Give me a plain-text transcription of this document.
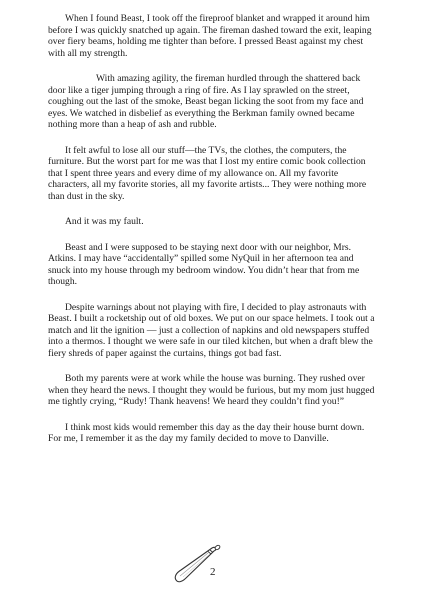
When I found Beast, I took off the fireproof blanket and wrapped it around him before I was quickly snatched up again. The fireman dashed toward the exit, leaping over fiery beams, holding me tighter than before. I pressed Beast against my chest with all my strength.

With amazing agility, the fireman hurdled through the shattered back door like a tiger jumping through a ring of fire. As I lay sprawled on the street, coughing out the last of the smoke, Beast began licking the soot from my face and eyes. We watched in disbelief as everything the Berkman family owned became nothing more than a heap of ash and rubble.

It felt awful to lose all our stuff—the TVs, the clothes, the computers, the furniture. But the worst part for me was that I lost my entire comic book collection that I spent three years and every dime of my allowance on. All my favorite characters, all my favorite stories, all my favorite artists... They were nothing more than dust in the sky.

And it was my fault.

Beast and I were supposed to be staying next door with our neighbor, Mrs. Atkins. I may have “accidentally” spilled some NyQuil in her afternoon tea and snuck into my house through my bedroom window. You didn’t hear that from me though.

Despite warnings about not playing with fire, I decided to play astronauts with Beast. I built a rocketship out of old boxes. We put on our space helmets. I took out a match and lit the ignition — just a collection of napkins and old newspapers stuffed into a thermos. I thought we were safe in our tiled kitchen, but when a draft blew the fiery shreds of paper against the curtains, things got bad fast.

Both my parents were at work while the house was burning. They rushed over when they heard the news. I thought they would be furious, but my mom just hugged me tightly crying, “Rudy! Thank heavens! We heard they couldn’t find you!”

I think most kids would remember this day as the day their house burnt down. For me, I remember it as the day my family decided to move to Danville.

2
